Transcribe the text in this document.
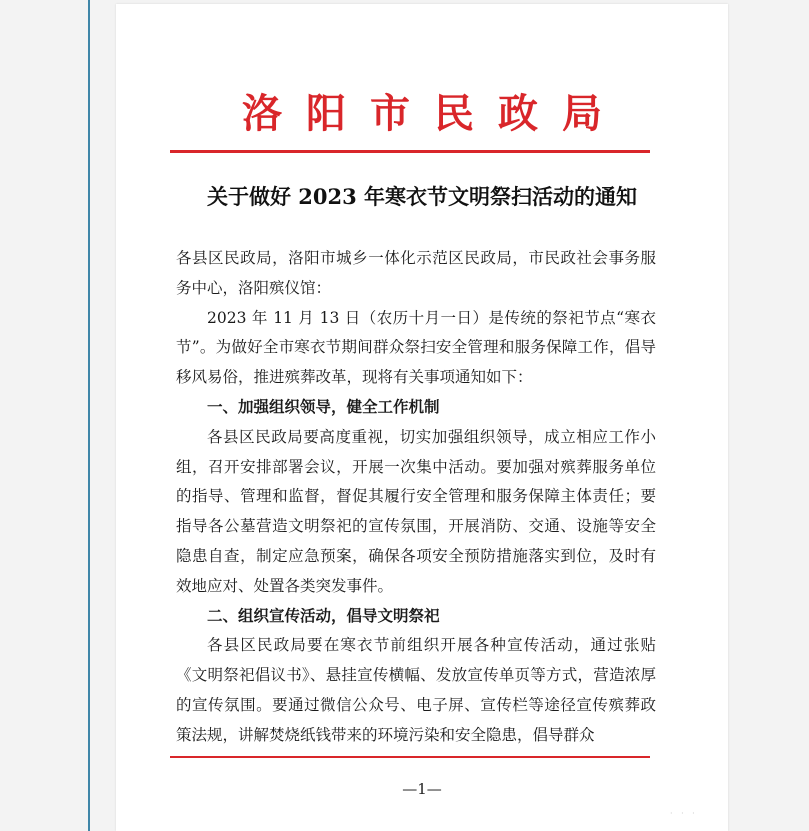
洛阳市民政局
关于做好 2023 年寒衣节文明祭扫活动的通知

各县区民政局，洛阳市城乡一体化示范区民政局，市民政社会事务服务中心，洛阳殡仪馆：

2023 年 11 月 13 日（农历十月一日）是传统的祭祀节点“寒衣节”。为做好全市寒衣节期间群众祭扫安全管理和服务保障工作，倡导移风易俗，推进殡葬改革，现将有关事项通知如下：

一、加强组织领导，健全工作机制

各县区民政局要高度重视，切实加强组织领导，成立相应工作小组，召开安排部署会议，开展一次集中活动。要加强对殡葬服务单位的指导、管理和监督，督促其履行安全管理和服务保障主体责任；要指导各公墓营造文明祭祀的宣传氛围，开展消防、交通、设施等安全隐患自查，制定应急预案，确保各项安全预防措施落实到位，及时有效地应对、处置各类突发事件。

二、组织宣传活动，倡导文明祭祀

各县区民政局要在寒衣节前组织开展各种宣传活动，通过张贴《文明祭祀倡议书》、悬挂宣传横幅、发放宣传单页等方式，营造浓厚的宣传氛围。要通过微信公众号、电子屏、宣传栏等途径宣传殡葬政策法规，讲解焚烧纸钱带来的环境污染和安全隐患，倡导群众

—1—
· · ·
